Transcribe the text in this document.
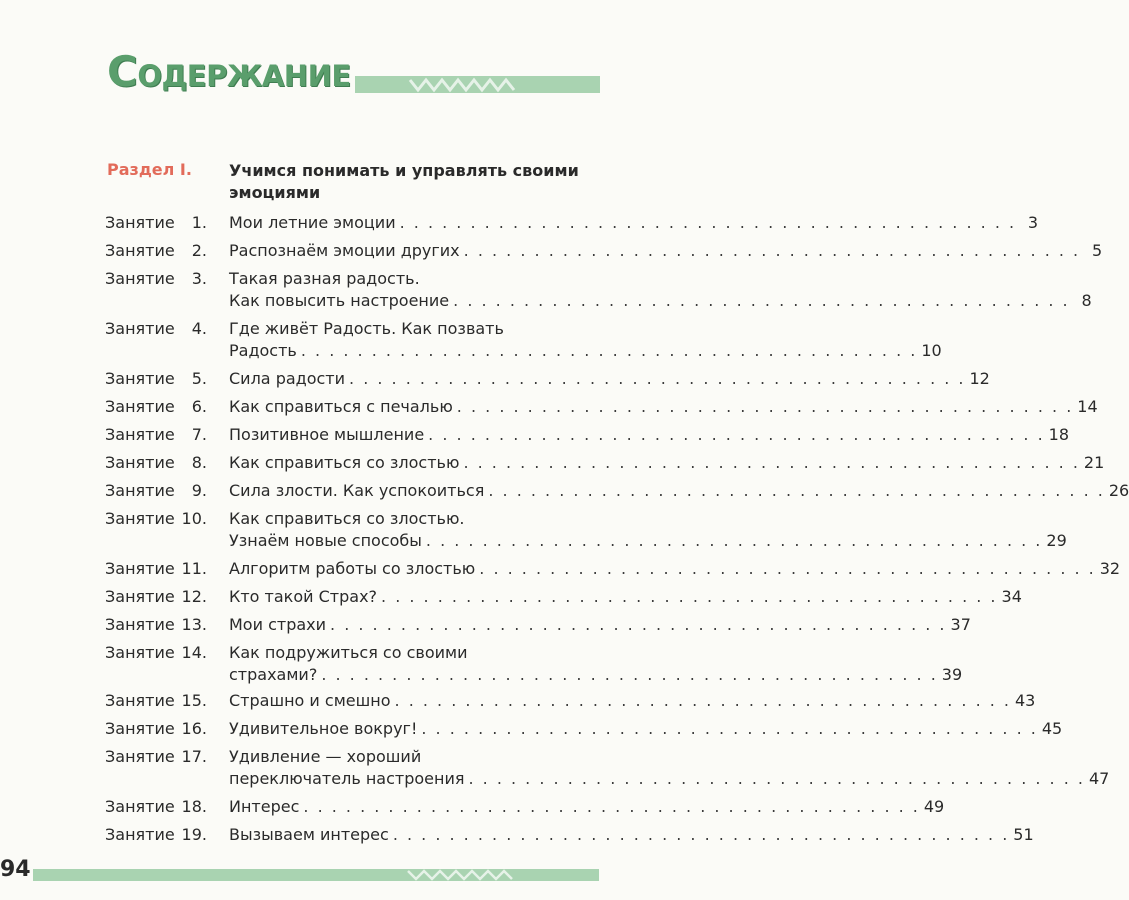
Содержание
Раздел I. Учимся понимать и управлять своими эмоциями
Занятие 1. Мои летние эмоции . . . . . . . . . . . . . . . . . . . . . . . . . . . . . . . . . . . . . . . . . . . . 3
Занятие 2. Распознаём эмоции других . . . . . . . . . . . . . . . . . . . . . . . . . . . . . . . . . . . . . . . . . . . . 5
Занятие 3. Такая разная радость.
Как повысить настроение . . . . . . . . . . . . . . . . . . . . . . . . . . . . . . . . . . . . . . . . . . . . 8
Занятие 4. Где живёт Радость. Как позвать
Радость . . . . . . . . . . . . . . . . . . . . . . . . . . . . . . . . . . . . . . . . . . . . 10
Занятие 5. Сила радости . . . . . . . . . . . . . . . . . . . . . . . . . . . . . . . . . . . . . . . . . . . . 12
Занятие 6. Как справиться с печалью . . . . . . . . . . . . . . . . . . . . . . . . . . . . . . . . . . . . . . . . . . . . 14
Занятие 7. Позитивное мышление . . . . . . . . . . . . . . . . . . . . . . . . . . . . . . . . . . . . . . . . . . . . 18
Занятие 8. Как справиться со злостью . . . . . . . . . . . . . . . . . . . . . . . . . . . . . . . . . . . . . . . . . . . . 21
Занятие 9. Сила злости. Как успокоиться . . . . . . . . . . . . . . . . . . . . . . . . . . . . . . . . . . . . . . . . . . . . 26
Занятие 10. Как справиться со злостью.
Узнаём новые способы . . . . . . . . . . . . . . . . . . . . . . . . . . . . . . . . . . . . . . . . . . . . 29
Занятие 11. Алгоритм работы со злостью . . . . . . . . . . . . . . . . . . . . . . . . . . . . . . . . . . . . . . . . . . . . 32
Занятие 12. Кто такой Страх? . . . . . . . . . . . . . . . . . . . . . . . . . . . . . . . . . . . . . . . . . . . . 34
Занятие 13. Мои страхи . . . . . . . . . . . . . . . . . . . . . . . . . . . . . . . . . . . . . . . . . . . . 37
Занятие 14. Как подружиться со своими
страхами? . . . . . . . . . . . . . . . . . . . . . . . . . . . . . . . . . . . . . . . . . . . . 39
Занятие 15. Страшно и смешно . . . . . . . . . . . . . . . . . . . . . . . . . . . . . . . . . . . . . . . . . . . . 43
Занятие 16. Удивительное вокруг! . . . . . . . . . . . . . . . . . . . . . . . . . . . . . . . . . . . . . . . . . . . . 45
Занятие 17. Удивление — хороший
переключатель настроения . . . . . . . . . . . . . . . . . . . . . . . . . . . . . . . . . . . . . . . . . . . . 47
Занятие 18. Интерес . . . . . . . . . . . . . . . . . . . . . . . . . . . . . . . . . . . . . . . . . . . . 49
Занятие 19. Вызываем интерес . . . . . . . . . . . . . . . . . . . . . . . . . . . . . . . . . . . . . . . . . . . . 51
94
